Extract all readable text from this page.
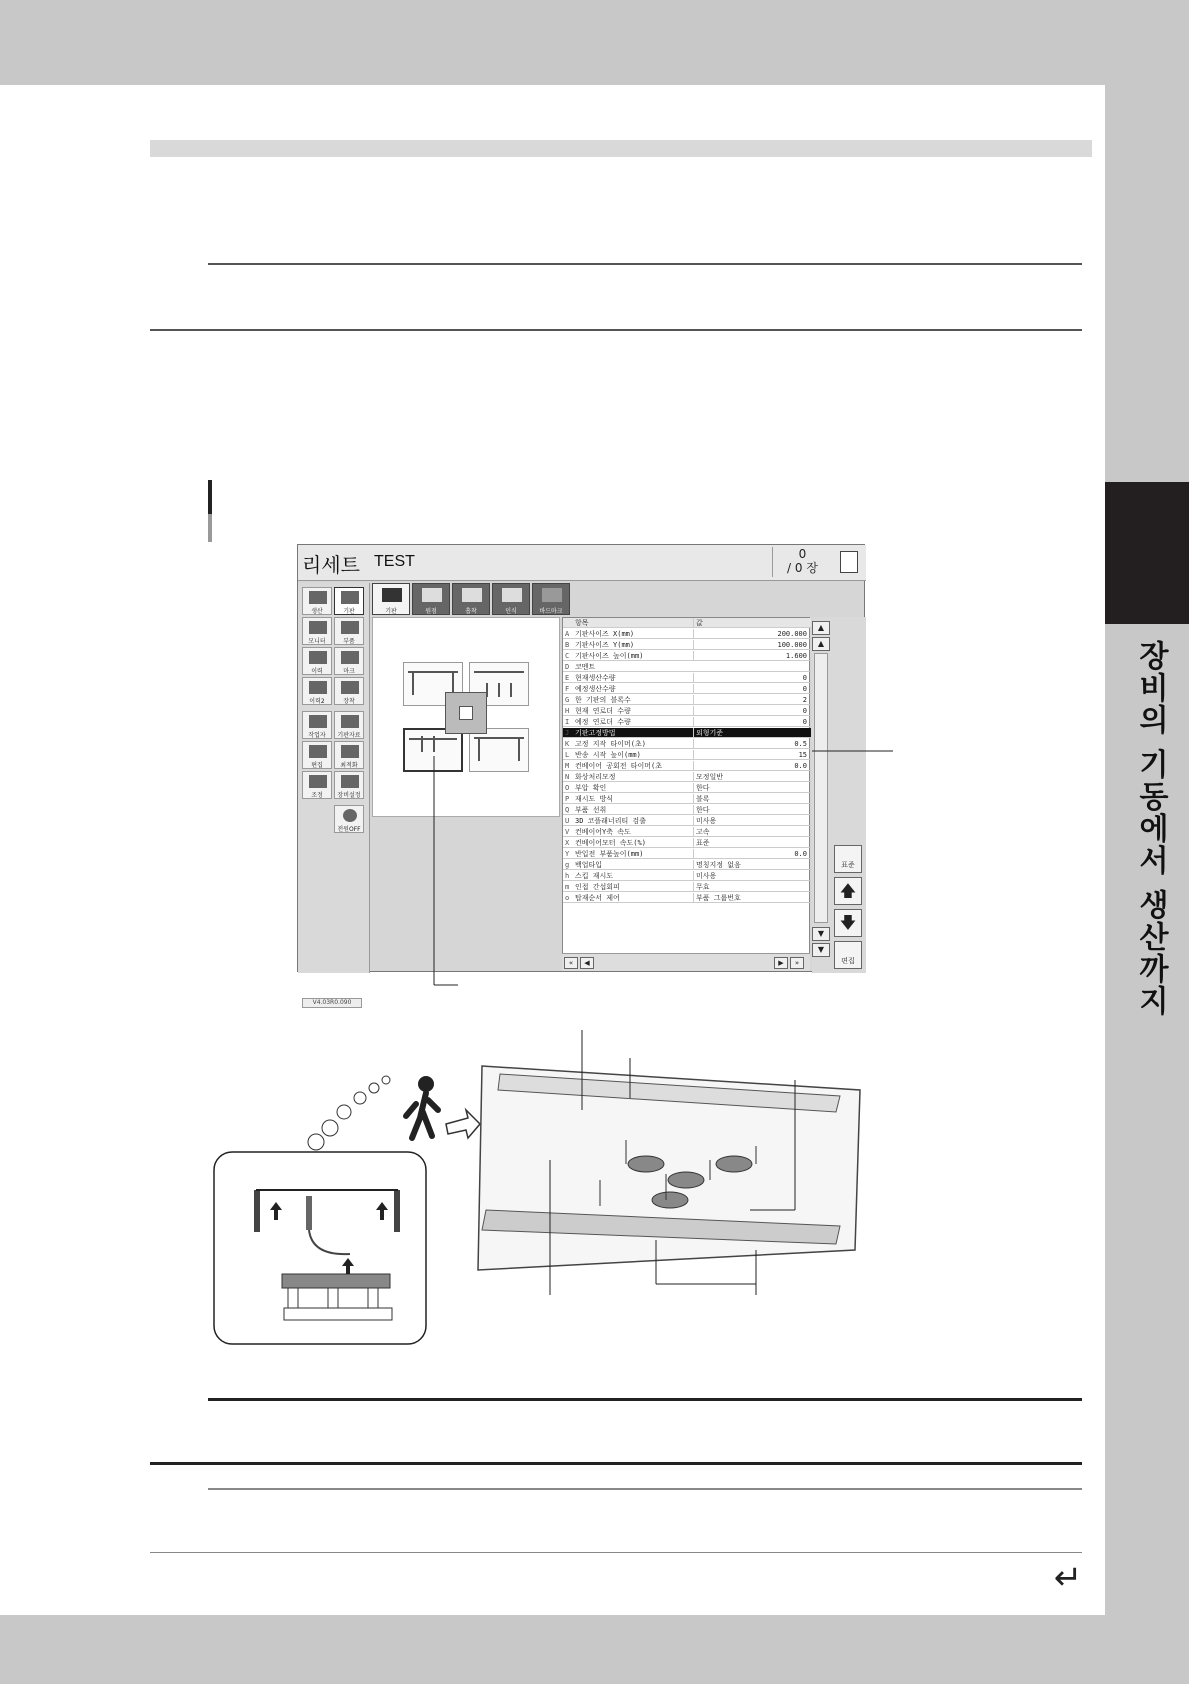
장비의 기동에서 생산까지
리세트 TEST	0
/ 0 장
생산	기판
모니터	부품
이력	마크
이력2	장착
작업자	기판자료
편집	최적화
조정	장비설정
전원OFF
V4.03R0.090
기판	원점	흡착	인식	바드마크
항목	값
A 기판사이즈 X(mm)	200.000
B 기판사이즈 Y(mm)	100.000
C 기판사이즈 높이(mm)	1.600
D 코멘트
E 현재생산수량	0
F 예정생산수량	0
G 한 기판의 블록수	2
H 현재 연로더 수량	0
I 예정 연로더 수량	0
J 기판고정방법	외형기준
K 고정 지작 타이머(초)	0.5
L 반송 시작 높이(mm)	15
M 컨베이어 공회전 타이머(초	0.0
N 화상처리모정	모정일반
O 부압 확인	한다
P 재시도 방식	블록
Q 부품 선취	한다
U 3D 코플래너리티 검출	미사용
V 컨베이어Y축 속도	고속
X 컨베이어모터 속도(%)	표준
Y 반입전 부품높이(mm)	0.0
g 백업타입	명칭지정 없음
h 스킵 재시도	미사용
m 인접 간섭회피	무효
o 탑재순서 제어	부품 그룹번호
▲
▲
▼
▼
표준
🡅
🡇
편집
«	◀	▶	»
↵
